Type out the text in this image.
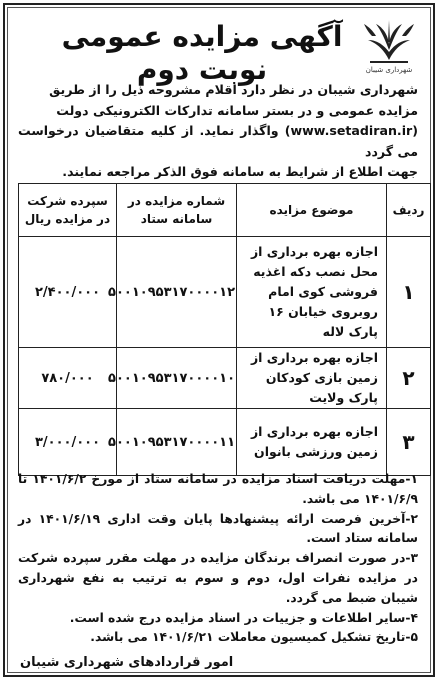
شهرداری شیبان
آگهی مزایده عمومی نوبت دوم

شهرداری شیبان در نظر دارد اقلام مشروحه ذیل را از طریق

مزایده عمومی و در بستر سامانه تدارکات الکترونیکی دولت

(www.setadiran.ir) واگذار نماید. از کلیه متقاضیان درخواست می گردد

جهت اطلاع از شرایط به سامانه فوق الذکر مراجعه نمایند.

ردیف	موضوع مزایده	شماره مزایده در سامانه ستاد	سپرده شرکت در مزایده ریال
۱	اجازه بهره برداری از محل نصب دکه اغذیه فروشی کوی امام روبروی خیابان ۱۶ پارک لاله	۵۰۰۱۰۹۵۳۱۷۰۰۰۰۱۲	۲/۴۰۰/۰۰۰
۲	اجازه بهره برداری از زمین بازی کودکان پارک ولایت	۵۰۰۱۰۹۵۳۱۷۰۰۰۰۱۰	۷۸۰/۰۰۰
۳	اجازه بهره برداری از زمین ورزشی بانوان	۵۰۰۱۰۹۵۳۱۷۰۰۰۰۱۱	۳/۰۰۰/۰۰۰

۱-مهلت دریافت اسناد مزایده در سامانه ستاد از مورخ ۱۴۰۱/۶/۲ تا ۱۴۰۱/۶/۹ می باشد.

۲-آخرین فرصت ارائه پیشنهادها پایان وقت اداری ۱۴۰۱/۶/۱۹ در سامانه ستاد است.

۳-در صورت انصراف برندگان مزایده در مهلت مقرر سپرده شرکت در مزایده نفرات اول، دوم و سوم به ترتیب به نفع شهرداری شیبان ضبط می گردد.

۴-سایر اطلاعات و جزییات در اسناد مزایده درج شده است.

۵-تاریخ تشکیل کمیسیون معاملات ۱۴۰۱/۶/۲۱ می باشد.

امور قراردادهای شهرداری شیبان
